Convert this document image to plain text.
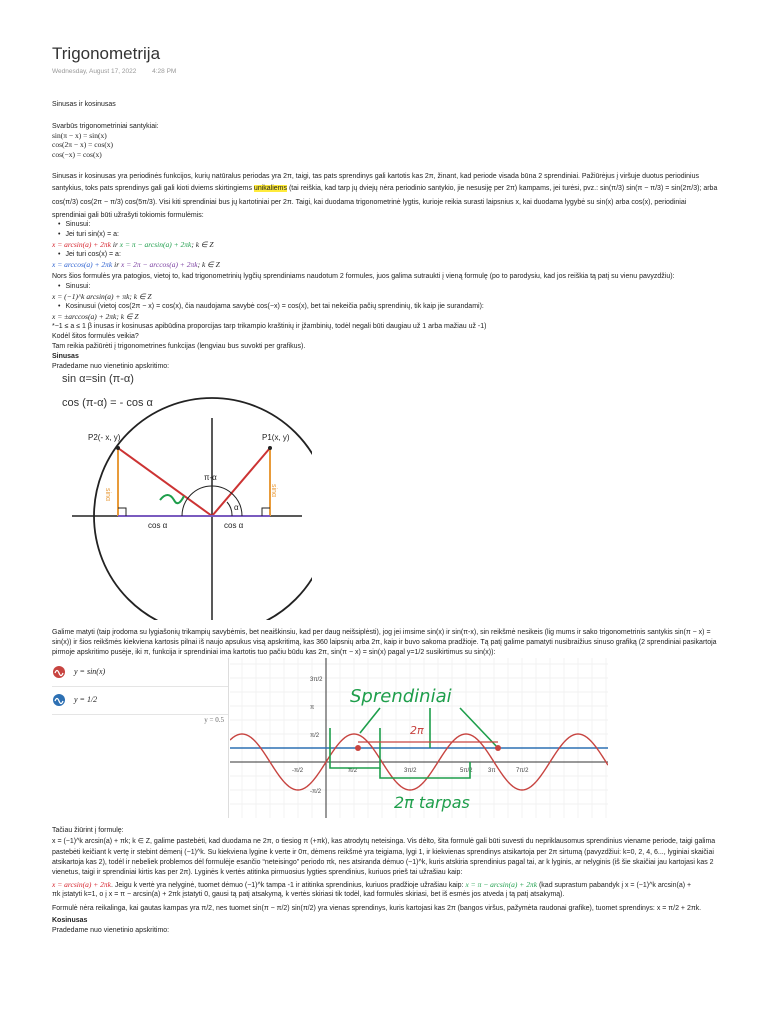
Trigonometrija
Wednesday, August 17, 2022 4:28 PM
Sinusas ir kosinusas
Svarbūs trigonometriniai santykiai:
sin(π − x) = sin(x)
cos(2π − x) = cos(x)
cos(−x) = cos(x)
Sinusas ir kosinusas yra periodinės funkcijos, kurių natūralus periodas yra 2π, taigi, tas pats sprendinys gali kartotis kas 2π, žinant, kad periode visada būna 2 sprendiniai. Pažiūrėjus į viršuje duotus periodinius
santykius, toks pats sprendinys gali gali kioti dviems skirtingiems unikaliems (tai reiškia, kad tarp jų dviejų nėra periodinio santykio, jie nesusiję per 2π) kampams, jei turėsi, pvz.: sin(π/3) sin(π − π/3) = sin(2π/3); arba
cos(π/3) cos(2π − π/3) cos(5π/3). Visi kiti sprendiniai bus jų kartotiniai per 2π. Taigi, kai duodama trigonometrinė lygtis, kurioje reikia surasti laipsnius x, kai duodama lygybė su sin(x) arba cos(x), periodiniai
sprendiniai gali būti užrašyti tokiomis formulėmis:
• Sinusui:
• Jei turi sin(x) = a:
x = arcsin(a) + 2πk ir x = π − arcsin(a) + 2πk; k ∈ Z
• Jei turi cos(x) = a:
x = arccos(a) + 2πk ir x = 2π − arccos(a) + 2πk; k ∈ Z
Nors šios formulės yra patogios, vietoj to, kad trigonometrinių lygčių sprendiniams naudotum 2 formules, juos galima sutraukti į vieną formulę (po to parodysiu, kad jos reiškia tą patį su vienu pavyzdžiu):
• Sinusui:
x = (−1)^k arcsin(a) + πk; k ∈ Z
• Kosinusui (vietoj cos(2π − x) = cos(x), čia naudojama savybė cos(−x) = cos(x), bet tai nekeičia pačių sprendinių, tik kaip jie surandami):
x = ±arccos(a) + 2πk; k ∈ Z
*−1 ≤ a ≤ 1 β inusas ir kosinusas apibūdina proporcijas tarp trikampio kraštinių ir įžambinių, todėl negali būti daugiau už 1 arba mažiau už -1)
Kodėl šitos formulės veikia?
Tam reikia pažiūrėti į trigonometrines funkcijas (lengviau bus suvokti per grafikus).
Sinusas
Pradedame nuo vienetinio apskritimo:
sin α=sin (π-α)
cos (π-α) = - cos α
P1(x, y)
P2(- x, y)
π-α
α
sinα	sinα
cos α	cos α
Galime matyti (taip įrodoma su lygiašonių trikampių savybėmis, bet neaiškinsiu, kad per daug neišsiplėsti), jog jei imsime sin(x) ir sin(π-x), sin reikšmė nesikeis (lig mums ir sako trigonometrinis santykis sin(π − x) =
sin(x)) ir šios reikšmės kiekviena kartosis pilnai iš naujo apsukus visą apskritimą, kas 360 laipsnių arba 2π, kaip ir buvo sakoma pradžioje. Tą patį galime pamatyti nusibraižius sinuso grafiką (2 sprendiniai pasikartoja
pirmoje apskritimo pusėje, iki π, funkcija ir sprendiniai ima kartotis tuo pačiu būdu kas 2π, sin(π − x) = sin(x) pagal y=1/2 susikirtimus su sin(x)):
y = sin(x)
y = 1/2
y = 0.5
3π/2
π
π/2
-π/2
-π/2	π/2	3π/2	5π/2	3π	7π/2
Sprendiniai
2π
2π tarpas
Tačiau žiūrint į formulę:
x = (−1)^k arcsin(a) + πk; k ∈ Z, galime pastebėti, kad duodama ne 2π, o tiesiog π (+πk), kas atrodytų neteisinga. Vis dėlto, šita formulė gali būti suvesti du nepriklausomus sprendinius viename periode, taigi galima
pastebėti keičiant k vertę ir stebint dėmenį (−1)^k. Su kiekviena lygine k verte ir 0π, dėmens reikšmė yra teigiama, lygi 1, ir kiekvienas sprendinys atsikartoja per 2π sirtumą (pavyzdžiui: k=0, 2, 4, 6..., lyginiai skaičiai
atsikartoja kas 2), todėl ir nebeliek problemos dėl formulėje esančio “neteisingo” periodo πk, nes atsiranda dėmuo (−1)^k, kuris atskiria sprendinius pagal tai, ar k lyginis, ar nelyginis (iš šie skaičiai jau kartojasi kas 2
vienetus, taigi ir sprendiniai kirtis kas per 2π). Lyginės k vertės atitinka pirmuosius lygties sprendinius, kuriuos prieš tai užrašiau kaip:
x = arcsin(a) + 2πk. Jeigu k vertė yra nelyginė, tuomet dėmuo (−1)^k tampa -1 ir atitinka sprendinius, kuriuos pradžioje užrašiau kaip: x = π − arcsin(a) + 2πk (kad suprastum pabandyk į x = (−1)^k arcsin(a) +
πk įstatyti k=1, o į x = π − arcsin(a) + 2πk įstatyti 0, gausi tą patį atsakymą, k vertės skiriasi tik todėl, kad formulės skiriasi, bet iš esmės jos atveda į tą patį atsakymą).
Formulė nėra reikalinga, kai gautas kampas yra π/2, nes tuomet sin(π − π/2) sin(π/2) yra vienas sprendinys, kuris kartojasi kas 2π (bangos viršus, pažymėta raudonai grafike), tuomet sprendinys: x = π/2 + 2πk.
Kosinusas
Pradedame nuo vienetinio apskritimo:
